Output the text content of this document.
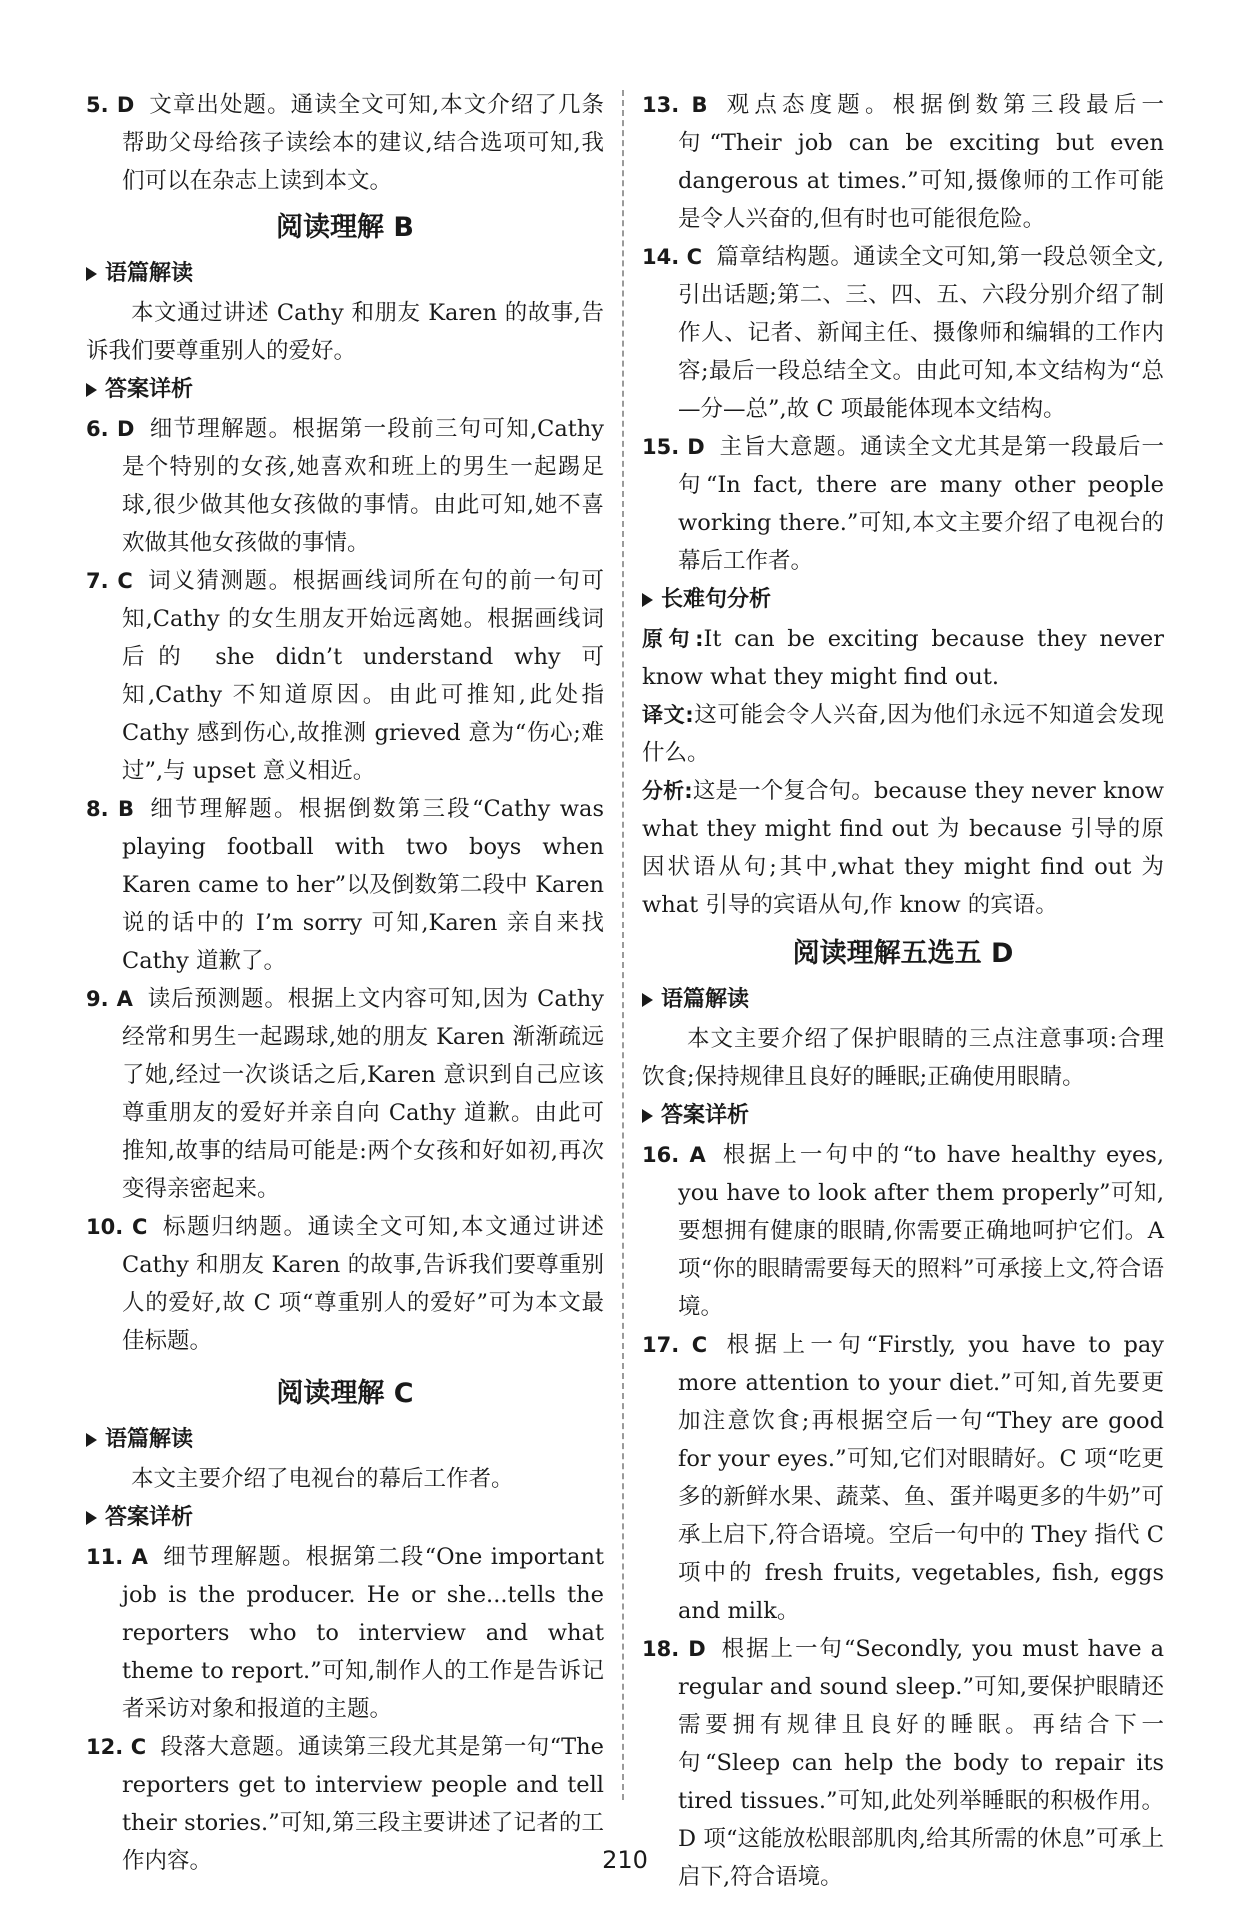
5. D 文章出处题。通读全文可知,本文介绍了几条帮助父母给孩子读绘本的建议,结合选项可知,我们可以在杂志上读到本文。

阅读理解 B
语篇解读

本文通过讲述 Cathy 和朋友 Karen 的故事,告诉我们要尊重别人的爱好。

答案详析

6. D 细节理解题。根据第一段前三句可知,Cathy 是个特别的女孩,她喜欢和班上的男生一起踢足球,很少做其他女孩做的事情。由此可知,她不喜欢做其他女孩做的事情。

7. C 词义猜测题。根据画线词所在句的前一句可知,Cathy 的女生朋友开始远离她。根据画线词后的 she didn’t understand why 可知,Cathy 不知道原因。由此可推知,此处指 Cathy 感到伤心,故推测 grieved 意为“伤心;难过”,与 upset 意义相近。

8. B 细节理解题。根据倒数第三段“Cathy was playing football with two boys when Karen came to her”以及倒数第二段中 Karen 说的话中的 I’m sorry 可知,Karen 亲自来找 Cathy 道歉了。

9. A 读后预测题。根据上文内容可知,因为 Cathy 经常和男生一起踢球,她的朋友 Karen 渐渐疏远了她,经过一次谈话之后,Karen 意识到自己应该尊重朋友的爱好并亲自向 Cathy 道歉。由此可推知,故事的结局可能是:两个女孩和好如初,再次变得亲密起来。

10. C 标题归纳题。通读全文可知,本文通过讲述 Cathy 和朋友 Karen 的故事,告诉我们要尊重别人的爱好,故 C 项“尊重别人的爱好”可为本文最佳标题。

阅读理解 C
语篇解读

本文主要介绍了电视台的幕后工作者。

答案详析

11. A 细节理解题。根据第二段“One important job is the producer. He or she...tells the reporters who to interview and what theme to report.”可知,制作人的工作是告诉记者采访对象和报道的主题。

12. C 段落大意题。通读第三段尤其是第一句“The reporters get to interview people and tell their stories.”可知,第三段主要讲述了记者的工作内容。

13. B 观点态度题。根据倒数第三段最后一句“Their job can be exciting but even dangerous at times.”可知,摄像师的工作可能是令人兴奋的,但有时也可能很危险。

14. C 篇章结构题。通读全文可知,第一段总领全文,引出话题;第二、三、四、五、六段分别介绍了制作人、记者、新闻主任、摄像师和编辑的工作内容;最后一段总结全文。由此可知,本文结构为“总—分—总”,故 C 项最能体现本文结构。

15. D 主旨大意题。通读全文尤其是第一段最后一句“In fact, there are many other people working there.”可知,本文主要介绍了电视台的幕后工作者。

长难句分析

原句:It can be exciting because they never know what they might find out.

译文:这可能会令人兴奋,因为他们永远不知道会发现什么。

分析:这是一个复合句。because they never know what they might find out 为 because 引导的原因状语从句;其中,what they might find out 为 what 引导的宾语从句,作 know 的宾语。

阅读理解五选五 D
语篇解读

本文主要介绍了保护眼睛的三点注意事项:合理饮食;保持规律且良好的睡眠;正确使用眼睛。

答案详析

16. A 根据上一句中的“to have healthy eyes, you have to look after them properly”可知,要想拥有健康的眼睛,你需要正确地呵护它们。A 项“你的眼睛需要每天的照料”可承接上文,符合语境。

17. C 根据上一句“Firstly, you have to pay more attention to your diet.”可知,首先要更加注意饮食;再根据空后一句“They are good for your eyes.”可知,它们对眼睛好。C 项“吃更多的新鲜水果、蔬菜、鱼、蛋并喝更多的牛奶”可承上启下,符合语境。空后一句中的 They 指代 C 项中的 fresh fruits, vegetables, fish, eggs and milk。

18. D 根据上一句“Secondly, you must have a regular and sound sleep.”可知,要保护眼睛还需要拥有规律且良好的睡眠。再结合下一句“Sleep can help the body to repair its tired tissues.”可知,此处列举睡眠的积极作用。D 项“这能放松眼部肌肉,给其所需的休息”可承上启下,符合语境。

210
